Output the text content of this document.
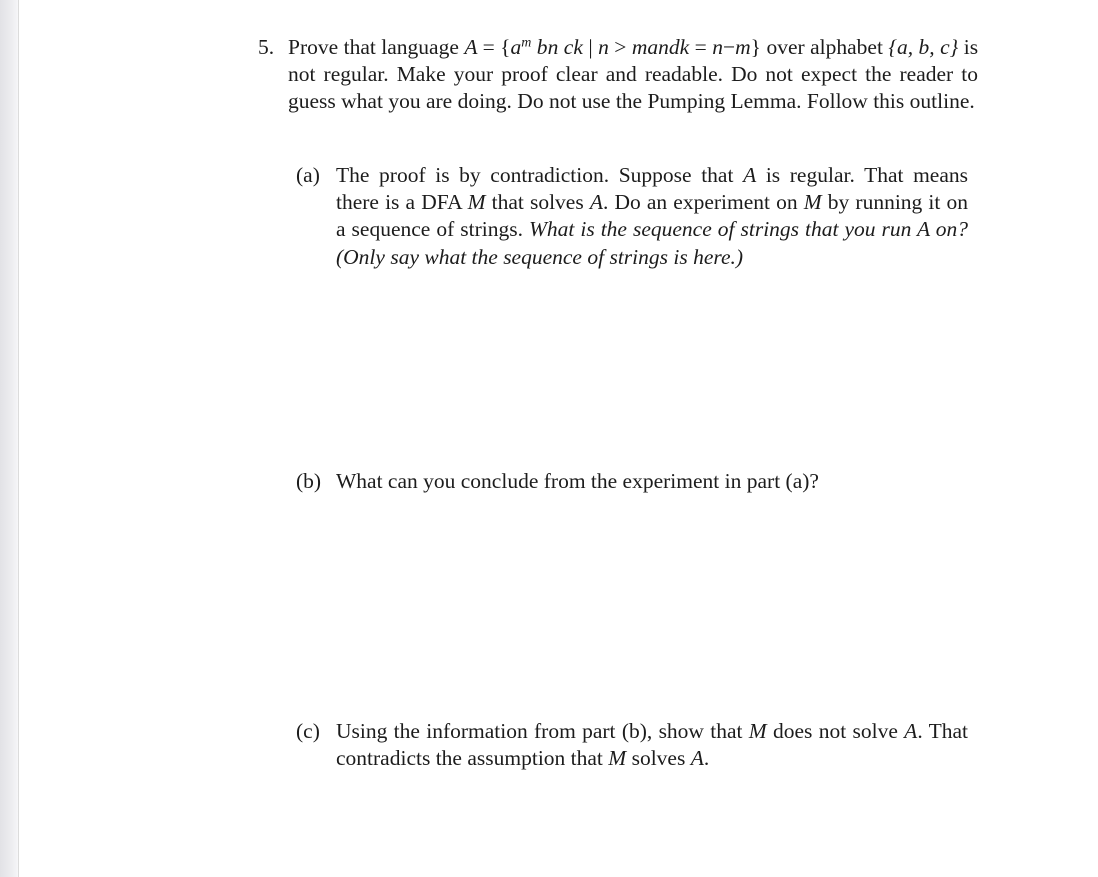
5. Prove that language $A = \{a^m$ bn ck | n > mandk = n−m} over alphabet {a, b, c} is not regular. Make your proof clear and readable. Do not expect the reader to guess what you are doing. Do not use the Pumping Lemma. Follow this outline.
(a) The proof is by contradiction. Suppose that A is regular. That means there is a DFA M that solves A. Do an experiment on M by running it on a sequence of strings. What is the sequence of strings that you run A on? (Only say what the sequence of strings is here.)
(b) What can you conclude from the experiment in part (a)?
(c) Using the information from part (b), show that M does not solve A. That contradicts the assumption that M solves A.
